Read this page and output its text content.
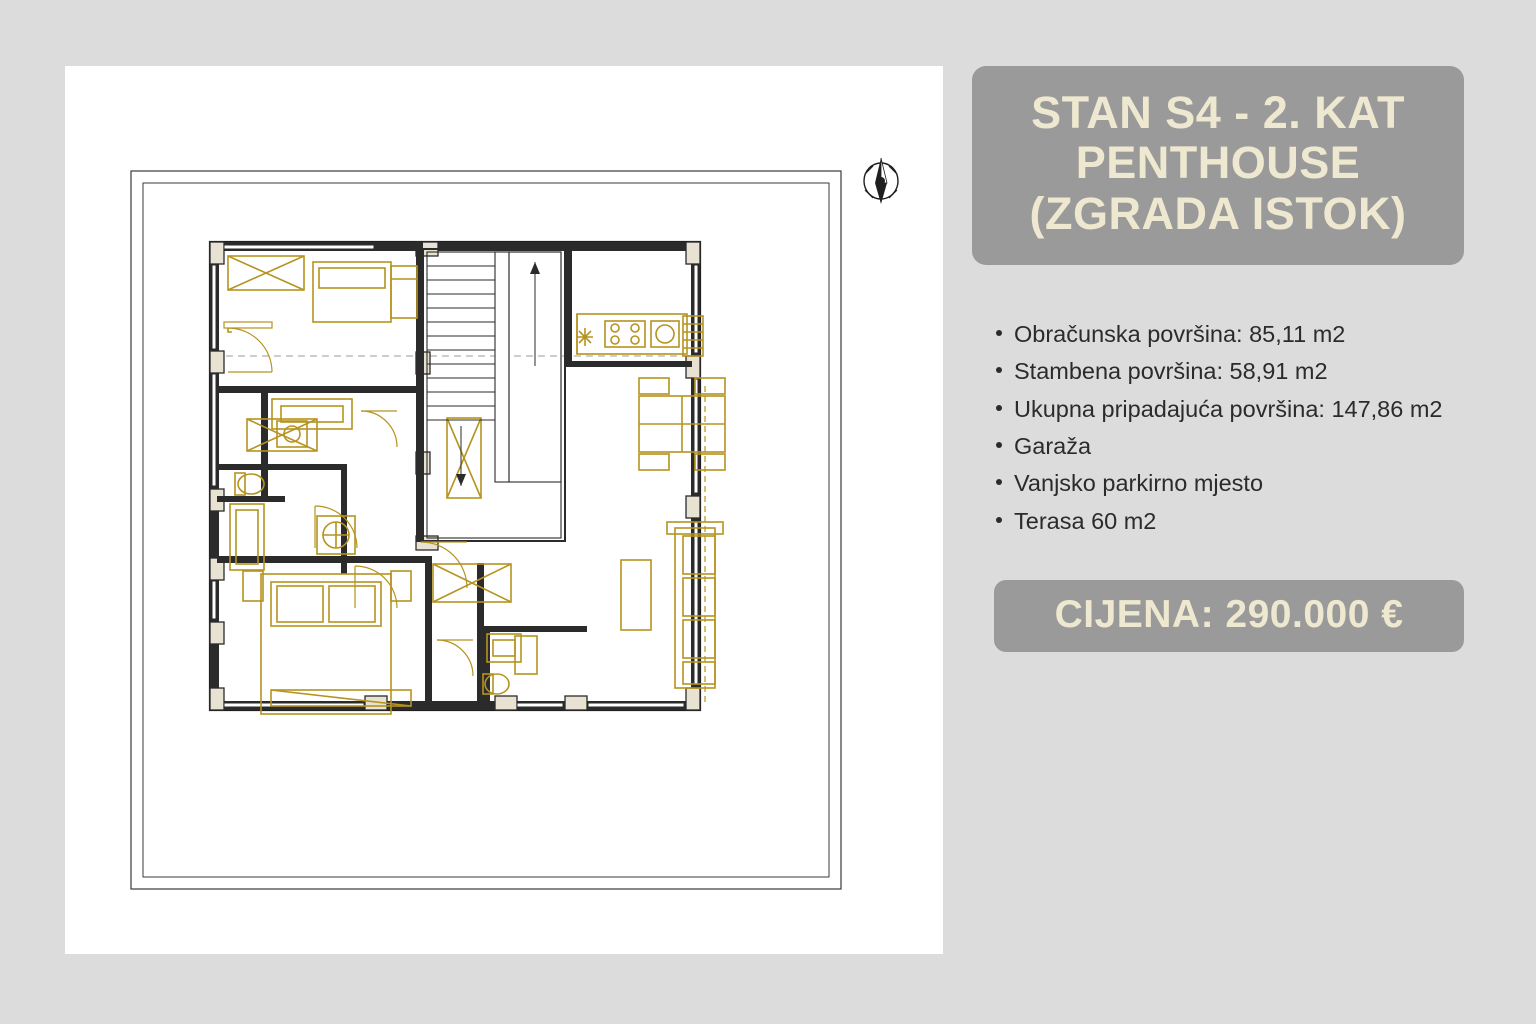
STAN S4 - 2. KAT
PENTHOUSE
(ZGRADA ISTOK)
Obračunska površina: 85,11 m2
Stambena površina: 58,91 m2
Ukupna pripadajuća površina: 147,86 m2
Garaža
Vanjsko parkirno mjesto
Terasa 60 m2
CIJENA: 290.000 €
